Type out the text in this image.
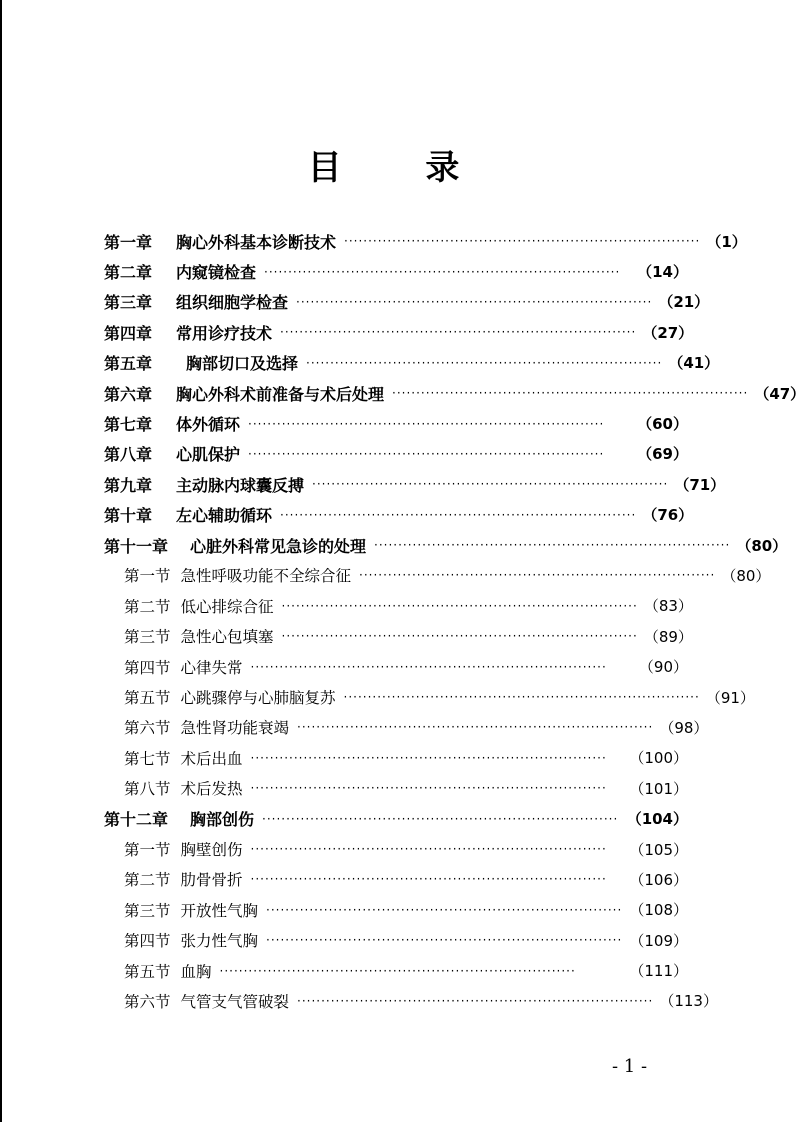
目 录
第一章 胸心外科基本诊断技术 ·········································································· （1）
第二章 内窥镜检查 ··········································································	（14）
第三章 组织细胞学检查 ·········································································· （21）
第四章 常用诊疗技术 ·········································································· （27）
第五章 胸部切口及选择 ·········································································· （41）
第六章 胸心外科术前准备与术后处理 ·········································································· （47）
第七章 体外循环 ··········································································	（60）
第八章 心肌保护 ··········································································	（69）
第九章 主动脉内球囊反搏 ·········································································· （71）
第十章 左心辅助循环 ·········································································· （76）
第十一章 心脏外科常见急诊的处理 ·········································································· （80）
第一节 急性呼吸功能不全综合征 ·········································································· （80）
第二节 低心排综合征 ·········································································· （83）
第三节 急性心包填塞 ·········································································· （89）
第四节 心律失常 ··········································································	（90）
第五节 心跳骤停与心肺脑复苏 ·········································································· （91）
第六节 急性肾功能衰竭 ·········································································· （98）
第七节 术后出血 ··········································································	（100）
第八节 术后发热 ··········································································	（101）
第十二章 胸部创伤 ·········································································· （104）
第一节 胸壁创伤 ··········································································	（105）
第二节 肋骨骨折 ··········································································	（106）
第三节 开放性气胸 ·········································································· （108）
第四节 张力性气胸 ·········································································· （109）
第五节 血胸 ··········································································	（111）
第六节 气管支气管破裂 ·········································································· （113）
- 1 -
